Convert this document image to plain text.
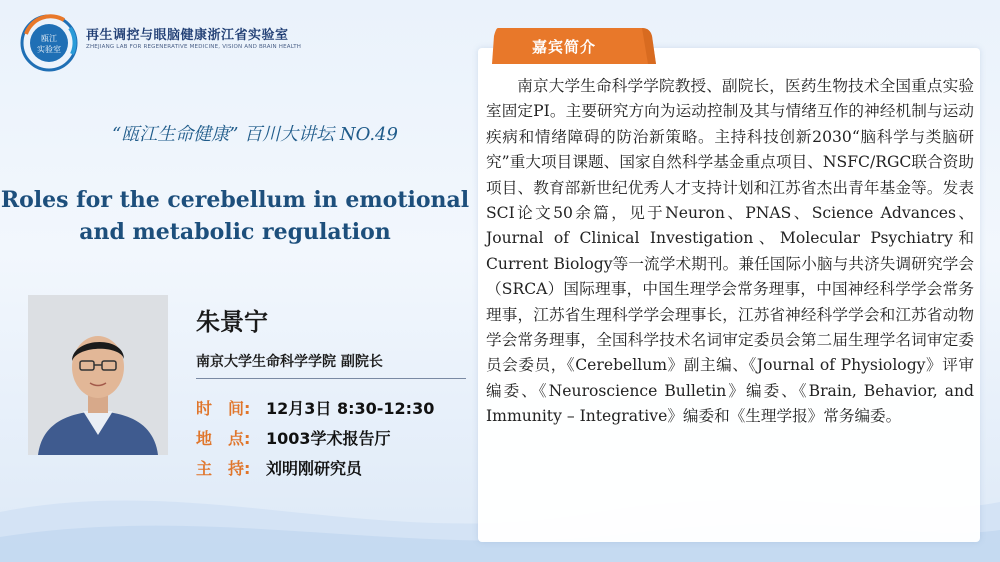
瓯江
实验室
再生调控与眼脑健康浙江省实验室
ZHEJIANG LAB FOR REGENERATIVE MEDICINE, VISION AND BRAIN HEALTH
“瓯江生命健康” 百川大讲坛 NO.49
Roles for the cerebellum in emotional
and metabolic regulation
朱景宁
南京大学生命科学学院 副院长
时　间: 12月3日 8:30-12:30
地　点: 1003学术报告厅
主　持: 刘明刚研究员
嘉宾简介
南京大学生命科学学院教授、副院长，医药生物技术全国重点实验室固定PI。主要研究方向为运动控制及其与情绪互作的神经机制与运动疾病和情绪障碍的防治新策略。主持科技创新2030“脑科学与类脑研究”重大项目课题、国家自然科学基金重点项目、NSFC/RGC联合资助项目、教育部新世纪优秀人才支持计划和江苏省杰出青年基金等。发表SCI论文50余篇，见于Neuron、PNAS、Science Advances、Journal of Clinical Investigation、Molecular Psychiatry和Current Biology等一流学术期刊。兼任国际小脑与共济失调研究学会（SRCA）国际理事，中国生理学会常务理事，中国神经科学学会常务理事，江苏省生理科学学会理事长，江苏省神经科学学会和江苏省动物学会常务理事，全国科学技术名词审定委员会第二届生理学名词审定委员会委员，《Cerebellum》副主编、《Journal of Physiology》评审编委、《Neuroscience Bulletin》编委、《Brain, Behavior, and Immunity – Integrative》编委和《生理学报》常务编委。
